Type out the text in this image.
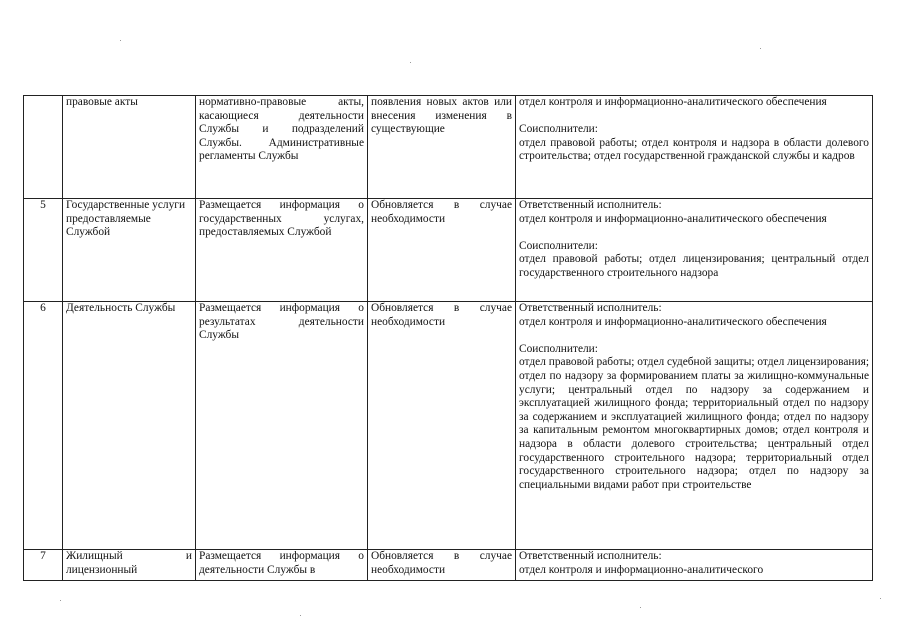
	правовые акты	нормативно-правовые акты, касающиеся деятельности Службы и подразделений Службы. Административные регламенты Службы	появления новых актов или внесения изменения в существующие	отдел контроля и информационно-аналитического обеспечения
Соисполнители:
отдел правовой работы; отдел контроля и надзора в области долевого строительства; отдел государственной гражданской службы и кадров

5	Государственные услуги предоставляемые Службой	Размещается информация о государственных услугах, предоставляемых Службой	Обновляется в случае необходимости	Ответственный исполнитель:
отдел контроля и информационно-аналитического обеспечения
Соисполнители:
отдел правовой работы; отдел лицензирования; центральный отдел государственного строительного надзора

6	Деятельность Службы	Размещается информация о результатах деятельности Службы	Обновляется в случае необходимости	Ответственный исполнитель:
отдел контроля и информационно-аналитического обеспечения
Соисполнители:
отдел правовой работы; отдел судебной защиты; отдел лицензирования; отдел по надзору за формированием платы за жилищно-коммунальные услуги; центральный отдел по надзору за содержанием и эксплуатацией жилищного фонда; территориальный отдел по надзору за содержанием и эксплуатацией жилищного фонда; отдел по надзору за капитальным ремонтом многоквартирных домов; отдел контроля и надзора в области долевого строительства; центральный отдел государственного строительного надзора; территориальный отдел государственного строительного надзора; отдел по надзору за специальными видами работ при строительстве

7	Жилищный и лицензионный	Размещается информация о деятельности Службы в	Обновляется в случае необходимости	Ответственный исполнитель:
отдел контроля и информационно-аналитического
